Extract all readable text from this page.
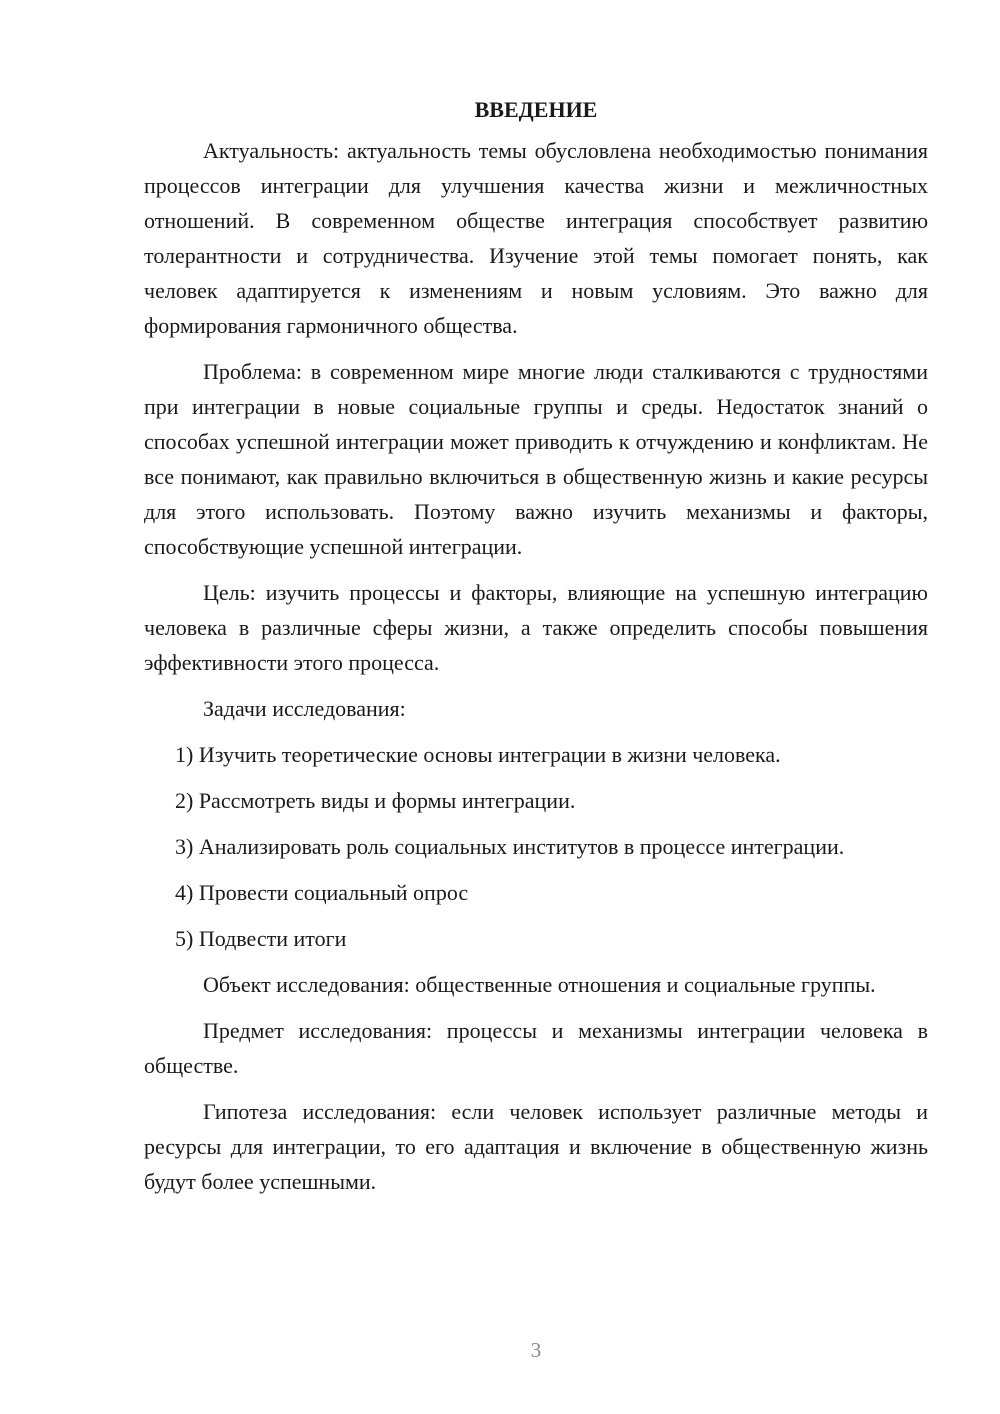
ВВЕДЕНИЕ

Актуальность: актуальность темы обусловлена необходимостью понимания процессов интеграции для улучшения качества жизни и межличностных отношений. В современном обществе интеграция способствует развитию толерантности и сотрудничества. Изучение этой темы помогает понять, как человек адаптируется к изменениям и новым условиям. Это важно для формирования гармоничного общества.

Проблема: в современном мире многие люди сталкиваются с трудностями при интеграции в новые социальные группы и среды. Недостаток знаний о способах успешной интеграции может приводить к отчуждению и конфликтам. Не все понимают, как правильно включиться в общественную жизнь и какие ресурсы для этого использовать. Поэтому важно изучить механизмы и факторы, способствующие успешной интеграции.

Цель: изучить процессы и факторы, влияющие на успешную интеграцию человека в различные сферы жизни, а также определить способы повышения эффективности этого процесса.

Задачи исследования:

1) Изучить теоретические основы интеграции в жизни человека.

2) Рассмотреть виды и формы интеграции.

3) Анализировать роль социальных институтов в процессе интеграции.

4) Провести социальный опрос

5) Подвести итоги

Объект исследования: общественные отношения и социальные группы.

Предмет исследования: процессы и механизмы интеграции человека в обществе.

Гипотеза исследования: если человек использует различные методы и ресурсы для интеграции, то его адаптация и включение в общественную жизнь будут более успешными.

3
